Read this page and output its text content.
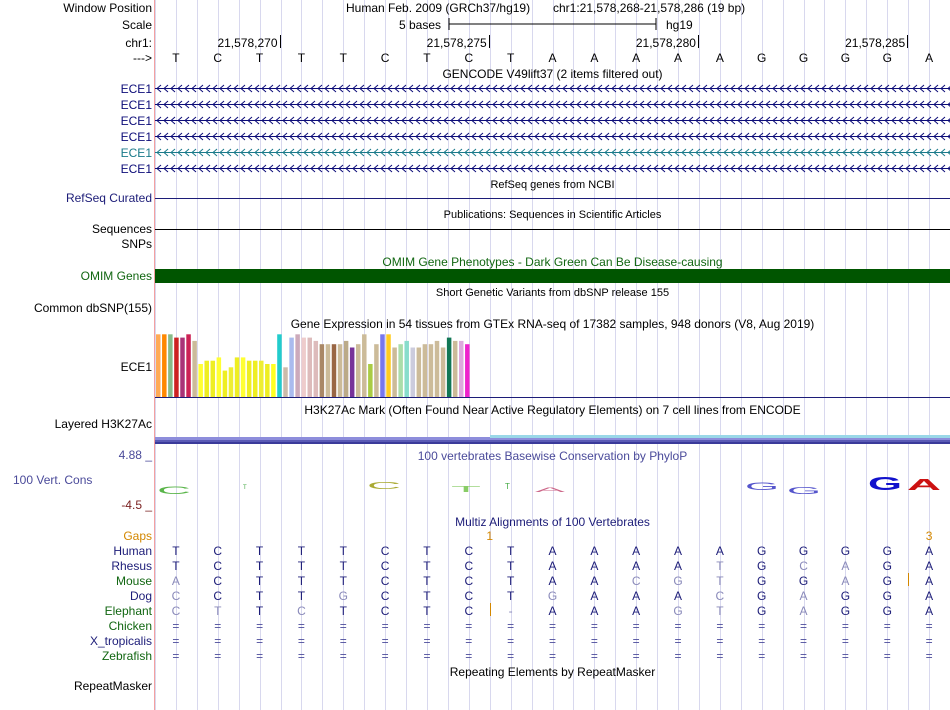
Window Position
Scale
chr1:
--->
RefSeq Curated
Sequences
SNPs
OMIM Genes
Common dbSNP(155)
ECE1
Layered H3K27Ac
4.88 _
100 Vert. Cons
-4.5 _
Gaps
RepeatMasker
Human Feb. 2009 (GRCh37/hg19) chr1:21,578,268-21,578,286 (19 bp)
5 bases	hg19
GENCODE V49lift37 (2 items filtered out)
RefSeq genes from NCBI
Publications: Sequences in Scientific Articles
OMIM Gene Phenotypes - Dark Green Can Be Disease-causing
Short Genetic Variants from dbSNP release 155
Gene Expression in 54 tissues from GTEx RNA-seq of 17382 samples, 948 donors (V8, Aug 2019)
H3K27Ac Mark (Often Found Near Active Regulatory Elements) on 7 cell lines from ENCODE
100 vertebrates Basewise Conservation by PhyloP
C	T	C	T	T	A	G G	G A
Multiz Alignments of 100 Vertebrates
Repeating Elements by RepeatMasker
21,578,270	21,578,275	21,578,280	21,578,285
T	C	T	T	T	C	T	C	T	A	A	A	A	A	G	G	G	G	A
ECE1
ECE1
ECE1
ECE1
ECE1
ECE1
1	3
Human	T	C	T	T	T	C	T	C	T	A	A	A	A	A	G	G	G	G	A
Rhesus	T	C	T	T	T	C	T	C	T	A	A	A	A	T	G	C	A	G	A
Mouse	A	C	T	T	T	C	T	C	T	A	A	C	G	T	G	G	A	G	A
Dog	C	C	T	T	G	C	T	C	T	G	A	A	A	C	G	A	G	G	A
Elephant	C	T	T	C	T	C	T	C	-	A	A	A	G	T	G	A	G	G	A
Chicken	=	=	=	=	=	=	=	=	=	=	=	=	=	=	=	=	=	=	=
X_tropicalis	=	=	=	=	=	=	=	=	=	=	=	=	=	=	=	=	=	=	=
Zebrafish	=	=	=	=	=	=	=	=	=	=	=	=	=	=	=	=	=	=	=
